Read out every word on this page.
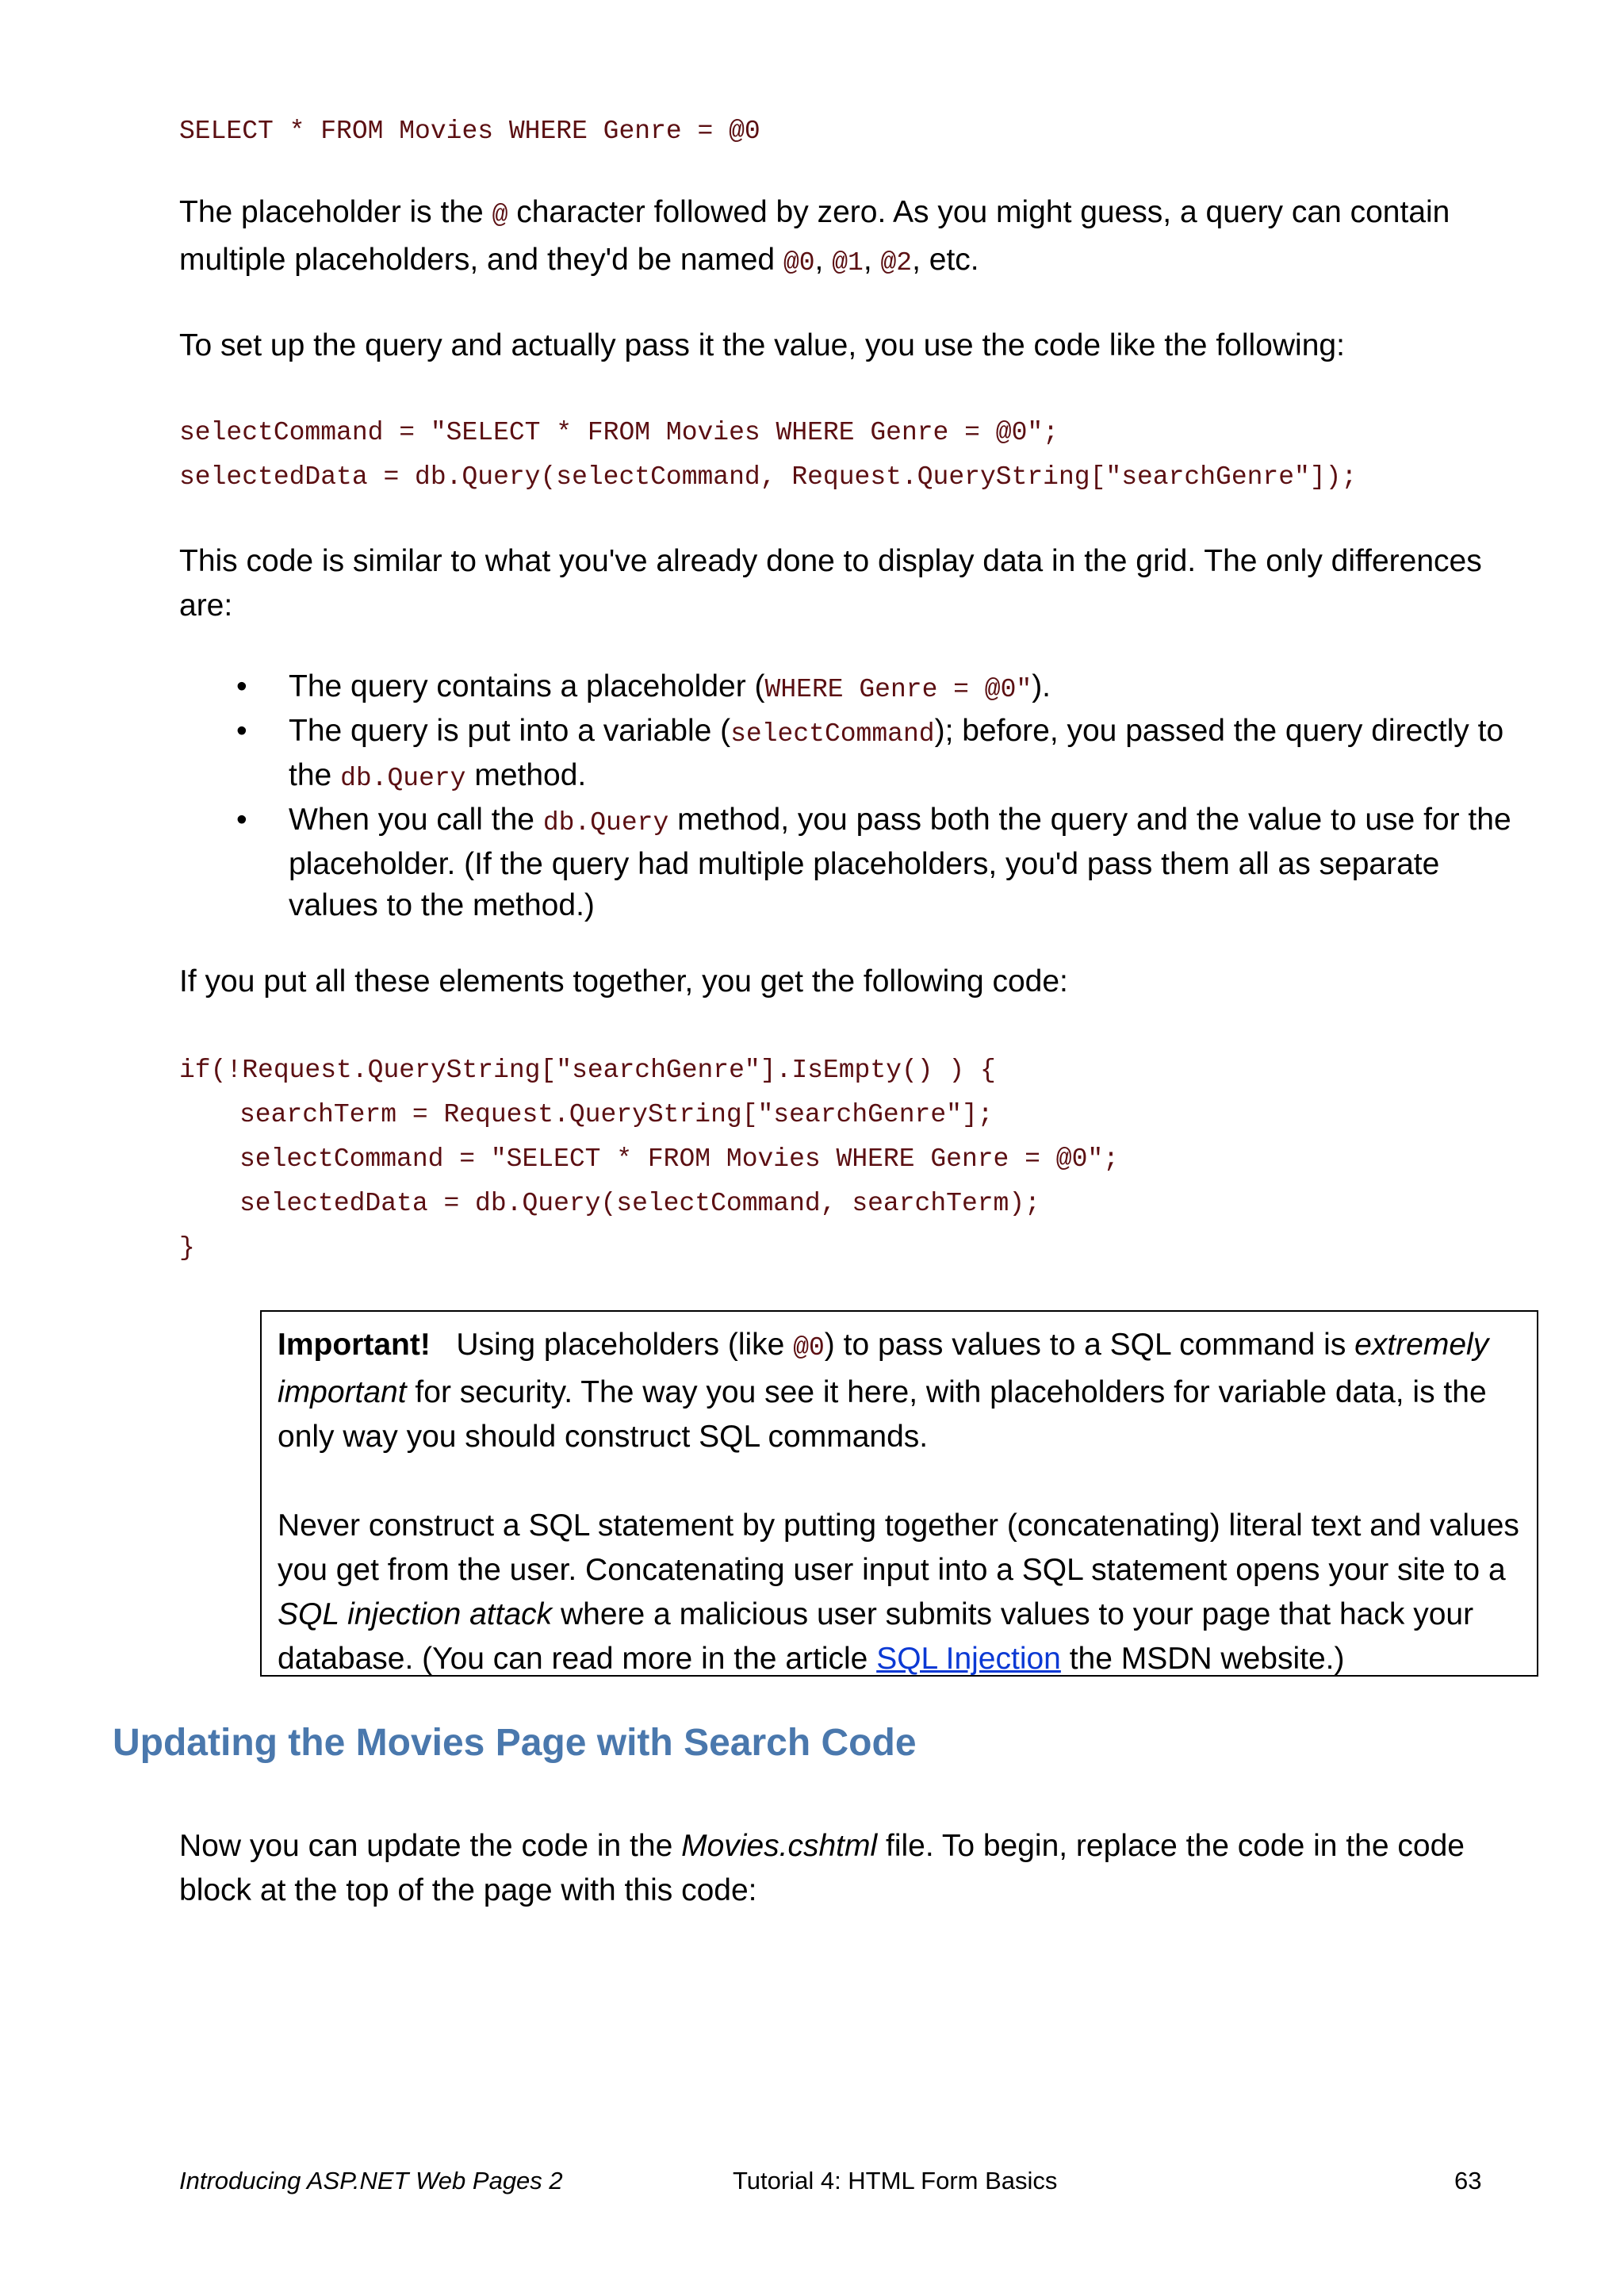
SELECT * FROM Movies WHERE Genre = @0

The placeholder is the @ character followed by zero. As you might guess, a query can contain multiple placeholders, and they'd be named @0, @1, @2, etc.

To set up the query and actually pass it the value, you use the code like the following:

selectCommand = "SELECT * FROM Movies WHERE Genre = @0";
selectedData = db.Query(selectCommand, Request.QueryString["searchGenre"]);

This code is similar to what you've already done to display data in the grid. The only differences are:

• The query contains a placeholder (WHERE Genre = @0").
• The query is put into a variable (selectCommand); before, you passed the query directly to the db.Query method.
• When you call the db.Query method, you pass both the query and the value to use for the placeholder. (If the query had multiple placeholders, you'd pass them all as separate values to the method.)

If you put all these elements together, you get the following code:

if(!Request.QueryString["searchGenre"].IsEmpty() ) {
searchTerm = Request.QueryString["searchGenre"];
selectCommand = "SELECT * FROM Movies WHERE Genre = @0";
selectedData = db.Query(selectCommand, searchTerm);
}

Important!   Using placeholders (like @0) to pass values to a SQL command is extremely important for security. The way you see it here, with placeholders for variable data, is the only way you should construct SQL commands.

Never construct a SQL statement by putting together (concatenating) literal text and values you get from the user. Concatenating user input into a SQL statement opens your site to a SQL injection attack where a malicious user submits values to your page that hack your database. (You can read more in the article SQL Injection the MSDN website.)

Updating the Movies Page with Search Code

Now you can update the code in the Movies.cshtml file. To begin, replace the code in the code block at the top of the page with this code:

Introducing ASP.NET Web Pages 2	Tutorial 4: HTML Form Basics	63
